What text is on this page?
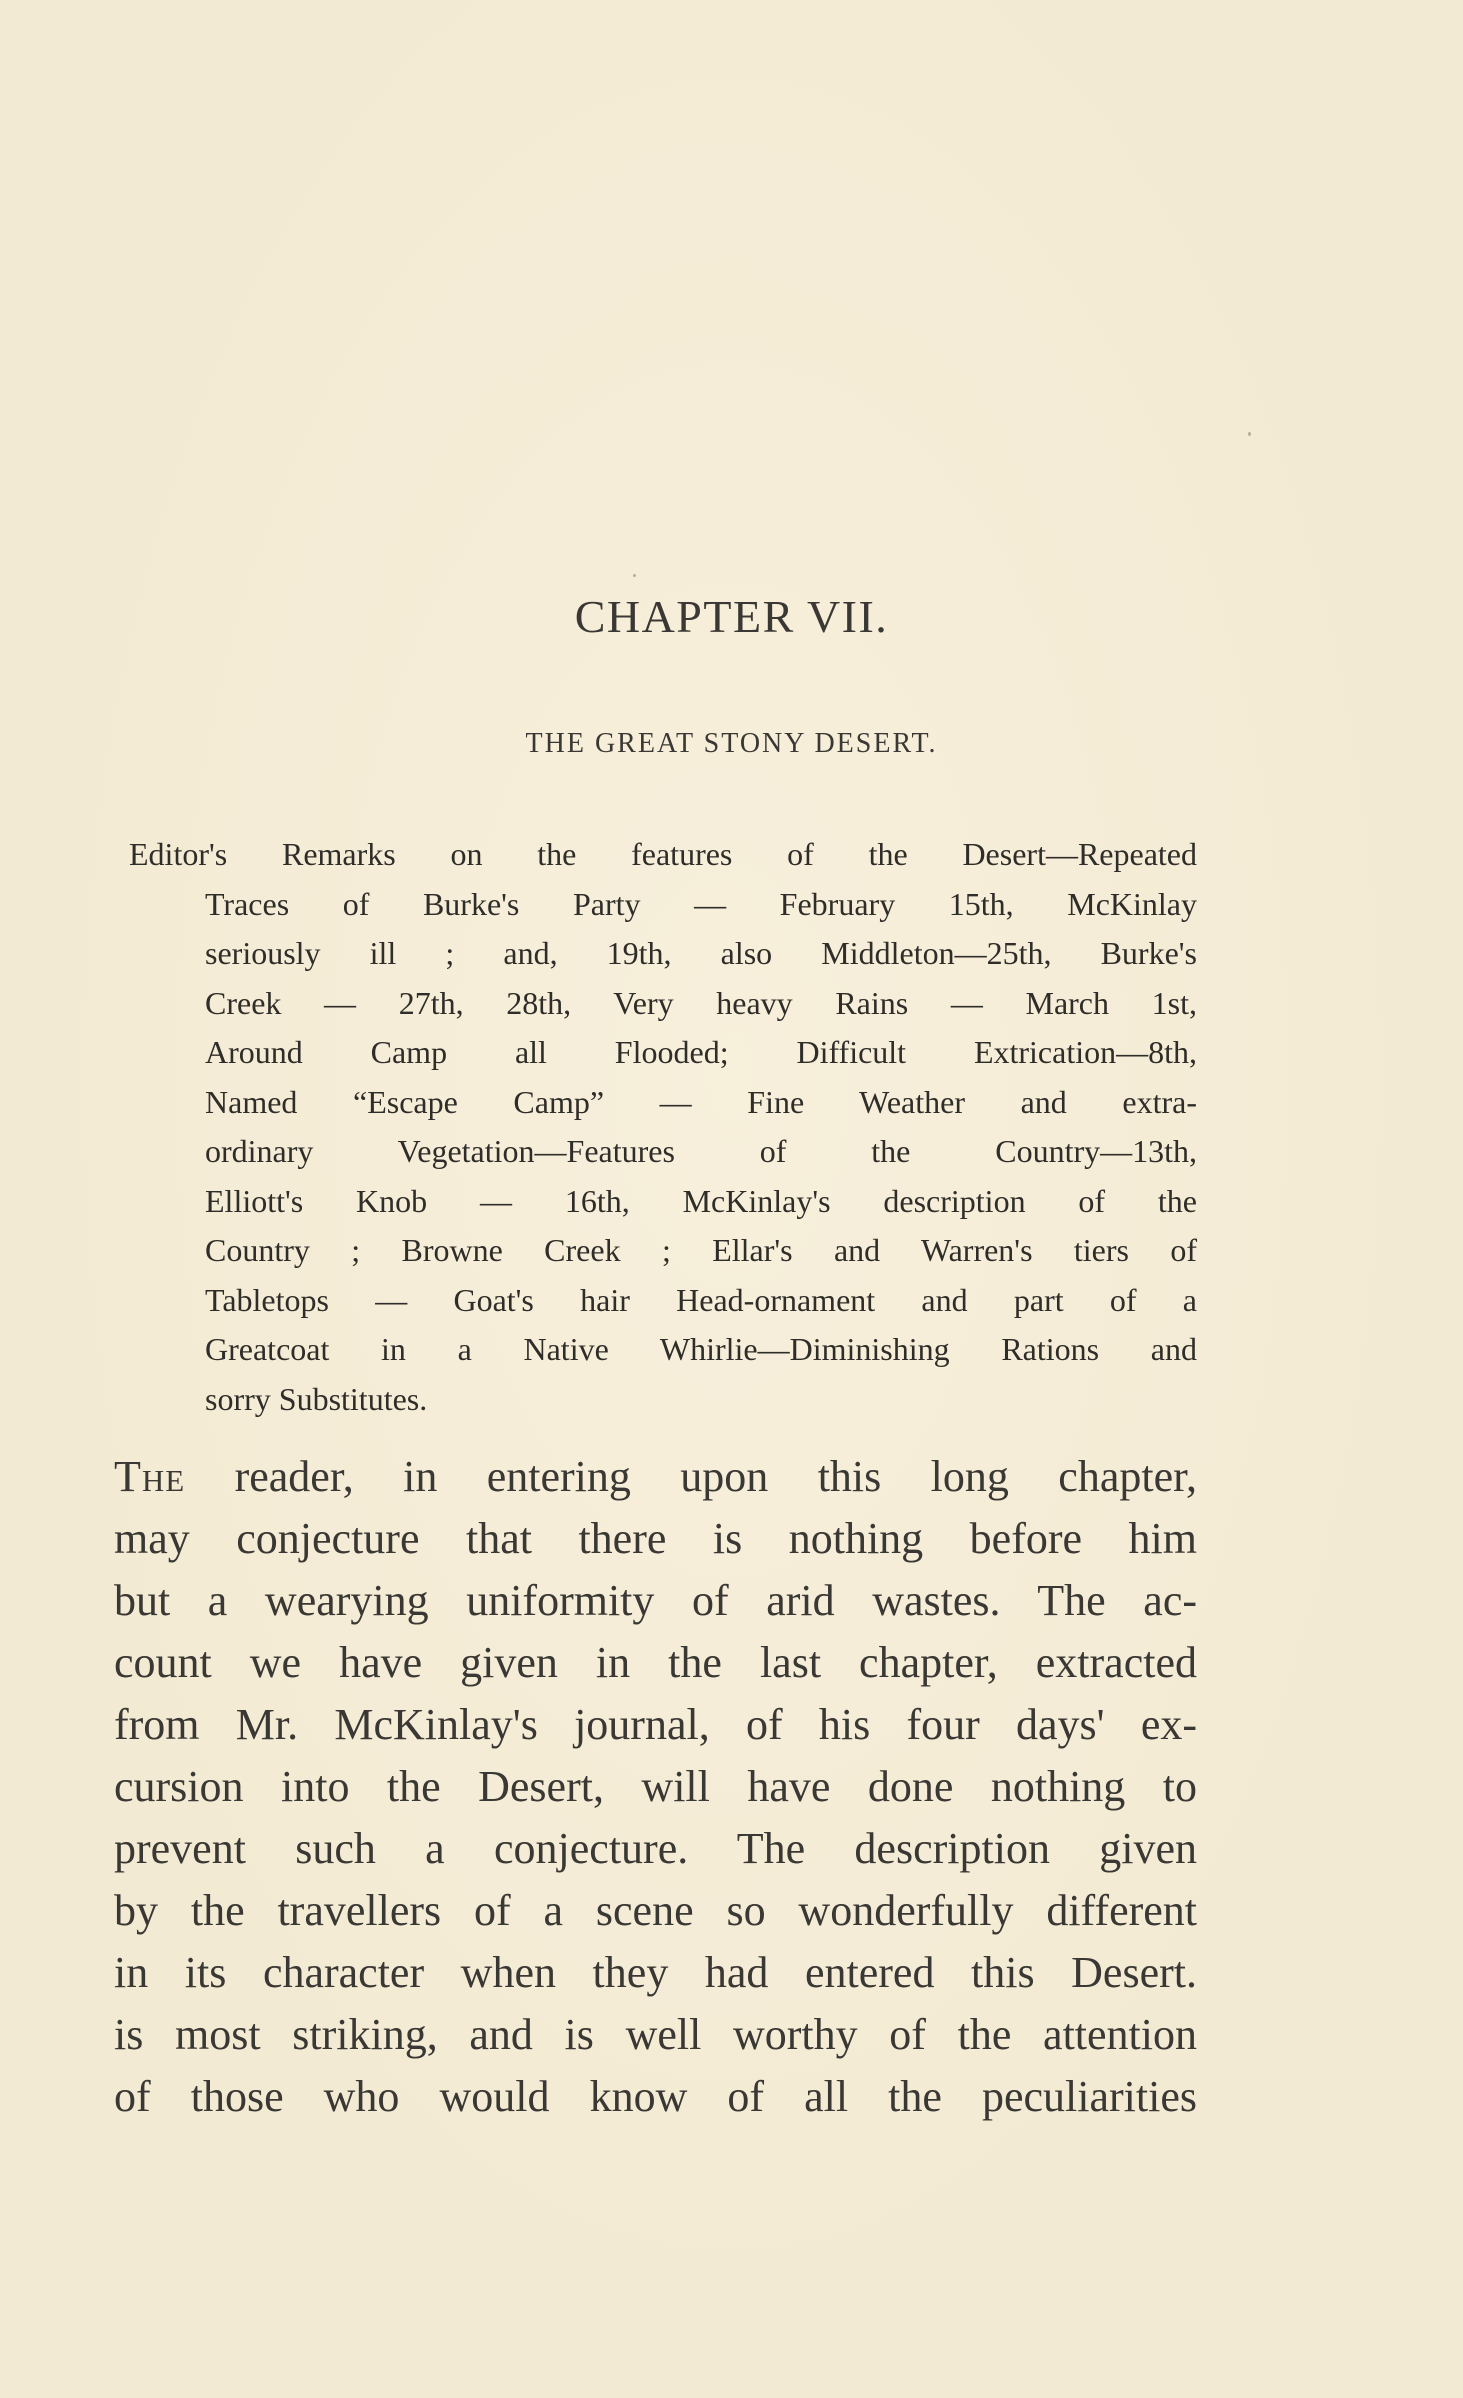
CHAPTER VII.
THE GREAT STONY DESERT.
Editor's Remarks on the features of the Desert—Repeated
Traces of Burke's Party — February 15th, McKinlay
seriously ill ; and, 19th, also Middleton—25th, Burke's
Creek — 27th, 28th, Very heavy Rains — March 1st,
Around Camp all Flooded; Difficult Extrication—8th,
Named “Escape Camp” — Fine Weather and extra-
ordinary Vegetation—Features of the Country—13th,
Elliott's Knob — 16th, McKinlay's description of the
Country ; Browne Creek ; Ellar's and Warren's tiers of
Tabletops — Goat's hair Head-ornament and part of a
Greatcoat in a Native Whirlie—Diminishing Rations and
sorry Substitutes.
The reader, in entering upon this long chapter,
may conjecture that there is nothing before him
but a wearying uniformity of arid wastes. The ac-
count we have given in the last chapter, extracted
from Mr. McKinlay's journal, of his four days' ex-
cursion into the Desert, will have done nothing to
prevent such a conjecture. The description given
by the travellers of a scene so wonderfully different
in its character when they had entered this Desert.
is most striking, and is well worthy of the attention
of those who would know of all the peculiarities
